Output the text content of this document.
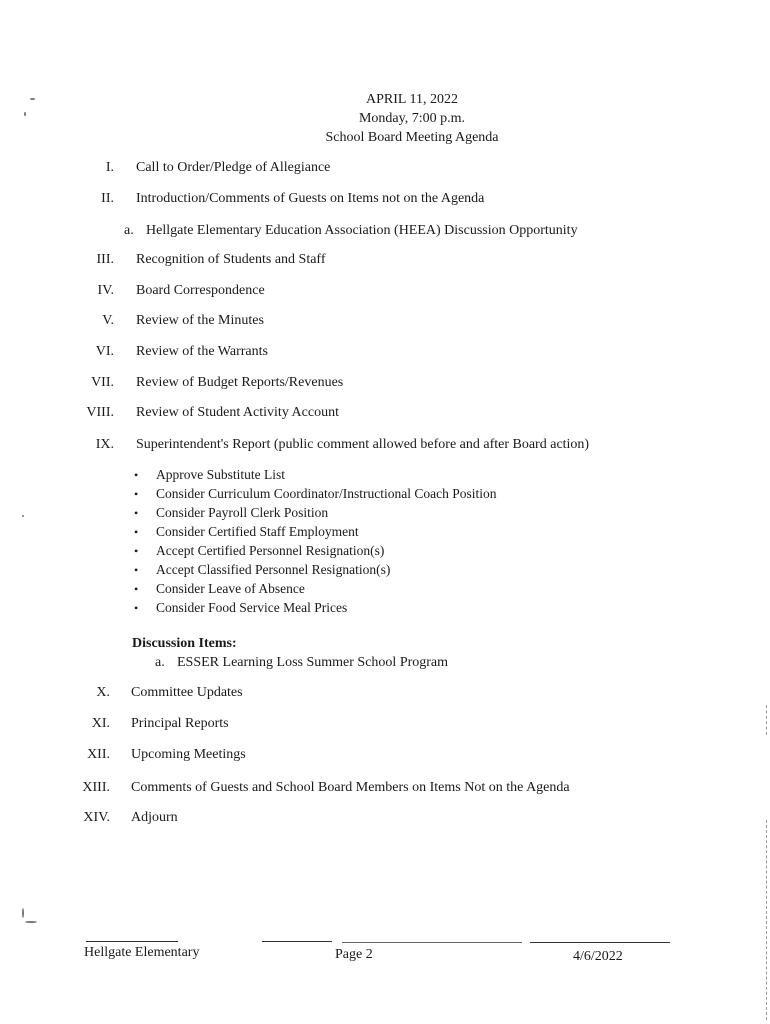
APRIL 11, 2022
Monday, 7:00 p.m.
School Board Meeting Agenda
I. Call to Order/Pledge of Allegiance
II. Introduction/Comments of Guests on Items not on the Agenda
a. Hellgate Elementary Education Association (HEEA) Discussion Opportunity
III. Recognition of Students and Staff
IV. Board Correspondence
V. Review of the Minutes
VI. Review of the Warrants
VII. Review of Budget Reports/Revenues
VIII. Review of Student Activity Account
IX. Superintendent's Report (public comment allowed before and after Board action)
• Approve Substitute List
• Consider Curriculum Coordinator/Instructional Coach Position
• Consider Payroll Clerk Position
• Consider Certified Staff Employment
• Accept Certified Personnel Resignation(s)
• Accept Classified Personnel Resignation(s)
• Consider Leave of Absence
• Consider Food Service Meal Prices
Discussion Items:
a. ESSER Learning Loss Summer School Program
X. Committee Updates
XI. Principal Reports
XII. Upcoming Meetings
XIII. Comments of Guests and School Board Members on Items Not on the Agenda
XIV. Adjourn
Hellgate Elementary	Page 2	4/6/2022
